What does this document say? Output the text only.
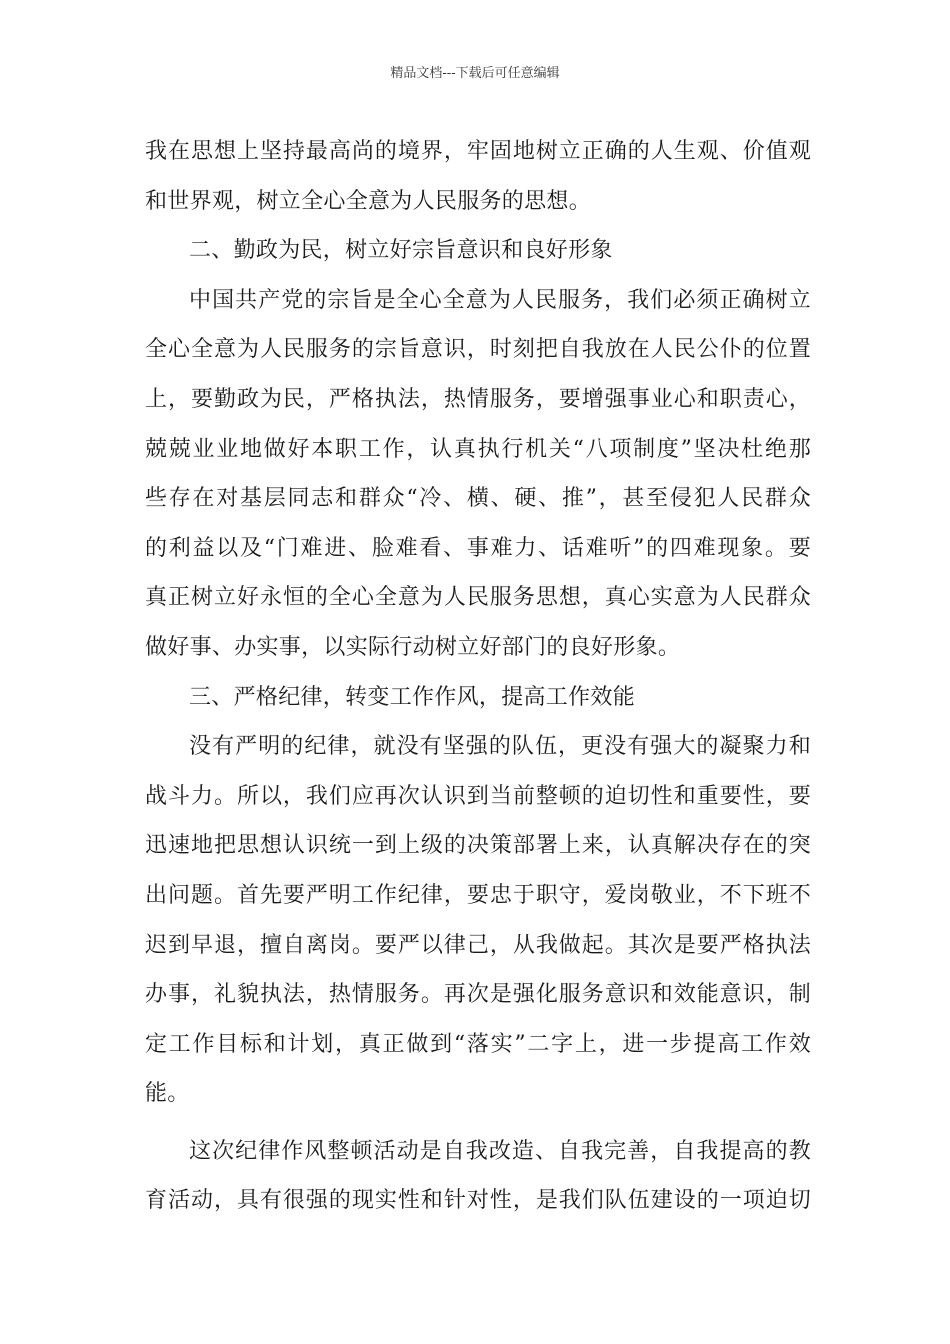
精品文档---下载后可任意编辑
我在思想上坚持最高尚的境界，牢固地树立正确的人生观、价值观
和世界观，树立全心全意为人民服务的思想。
二、勤政为民，树立好宗旨意识和良好形象
中国共产党的宗旨是全心全意为人民服务，我们必须正确树立
全心全意为人民服务的宗旨意识，时刻把自我放在人民公仆的位置
上，要勤政为民，严格执法，热情服务，要增强事业心和职责心，
兢兢业业地做好本职工作，认真执行机关“八项制度”坚决杜绝那
些存在对基层同志和群众“冷、横、硬、推”，甚至侵犯人民群众
的利益以及“门难进、脸难看、事难力、话难听”的四难现象。要
真正树立好永恒的全心全意为人民服务思想，真心实意为人民群众
做好事、办实事，以实际行动树立好部门的良好形象。
三、严格纪律，转变工作作风，提高工作效能
没有严明的纪律，就没有坚强的队伍，更没有强大的凝聚力和
战斗力。所以，我们应再次认识到当前整顿的迫切性和重要性，要
迅速地把思想认识统一到上级的决策部署上来，认真解决存在的突
出问题。首先要严明工作纪律，要忠于职守，爱岗敬业，不下班不
迟到早退，擅自离岗。要严以律己，从我做起。其次是要严格执法
办事，礼貌执法，热情服务。再次是强化服务意识和效能意识，制
定工作目标和计划，真正做到“落实”二字上，进一步提高工作效
能。
这次纪律作风整顿活动是自我改造、自我完善，自我提高的教
育活动，具有很强的现实性和针对性，是我们队伍建设的一项迫切
